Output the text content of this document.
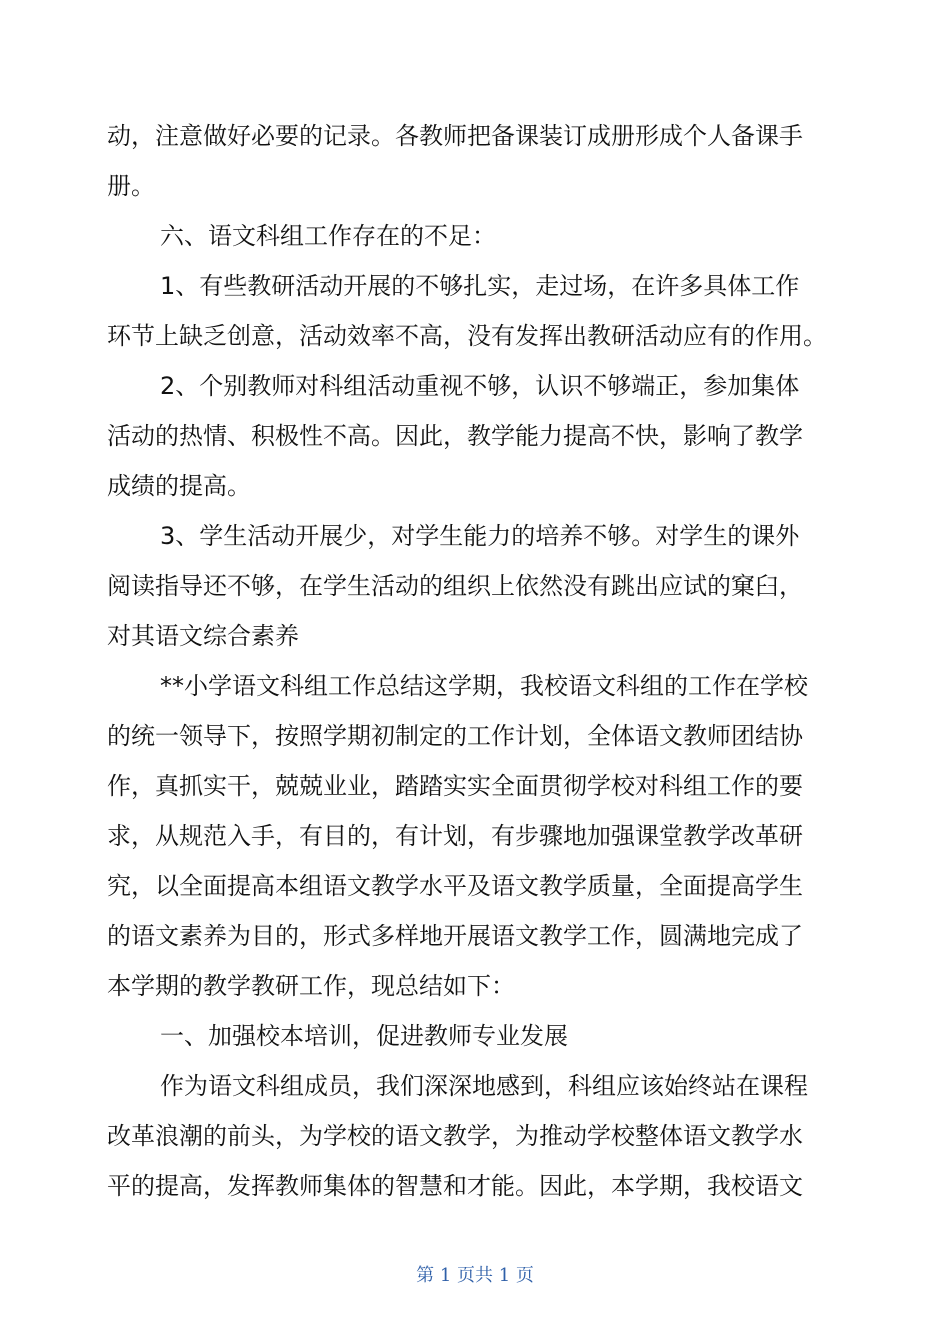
动，注意做好必要的记录。各教师把备课装订成册形成个人备课手
册。
六、语文科组工作存在的不足：
1、有些教研活动开展的不够扎实，走过场，在许多具体工作
环节上缺乏创意，活动效率不高，没有发挥出教研活动应有的作用。
2、个别教师对科组活动重视不够，认识不够端正，参加集体
活动的热情、积极性不高。因此，教学能力提高不快，影响了教学
成绩的提高。
3、学生活动开展少，对学生能力的培养不够。对学生的课外
阅读指导还不够，在学生活动的组织上依然没有跳出应试的窠臼，
对其语文综合素养
**小学语文科组工作总结这学期，我校语文科组的工作在学校
的统一领导下，按照学期初制定的工作计划，全体语文教师团结协
作，真抓实干，兢兢业业，踏踏实实全面贯彻学校对科组工作的要
求，从规范入手，有目的，有计划，有步骤地加强课堂教学改革研
究，以全面提高本组语文教学水平及语文教学质量，全面提高学生
的语文素养为目的，形式多样地开展语文教学工作，圆满地完成了
本学期的教学教研工作，现总结如下：
一、加强校本培训，促进教师专业发展
作为语文科组成员，我们深深地感到，科组应该始终站在课程
改革浪潮的前头，为学校的语文教学，为推动学校整体语文教学水
平的提高，发挥教师集体的智慧和才能。因此，本学期，我校语文
第 1 页共 1 页
